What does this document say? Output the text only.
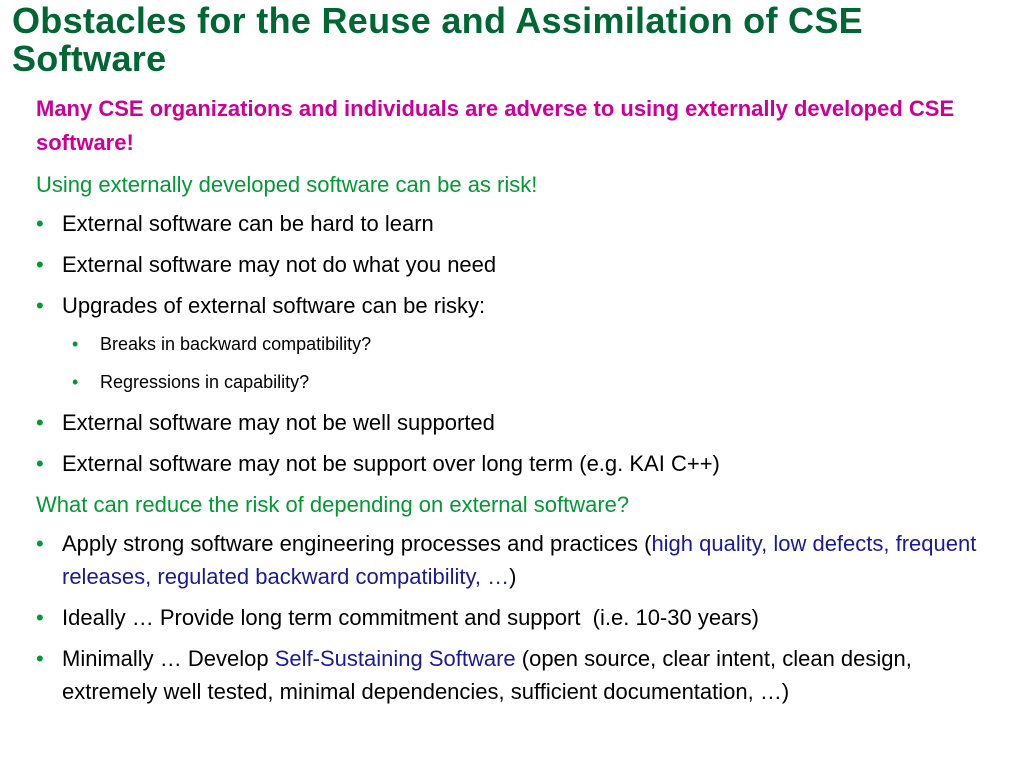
Obstacles for the Reuse and Assimilation of CSE Software
Many CSE organizations and individuals are adverse to using externally developed CSE software!
Using externally developed software can be as risk!
• External software can be hard to learn
• External software may not do what you need
• Upgrades of external software can be risky:
• Breaks in backward compatibility?
• Regressions in capability?
• External software may not be well supported
• External software may not be support over long term (e.g. KAI C++)
What can reduce the risk of depending on external software?
• Apply strong software engineering processes and practices (high quality, low defects, frequent releases, regulated backward compatibility, …)
• Ideally … Provide long term commitment and support  (i.e. 10-30 years)
• Minimally … Develop Self-Sustaining Software (open source, clear intent, clean design, extremely well tested, minimal dependencies, sufficient documentation, …)
